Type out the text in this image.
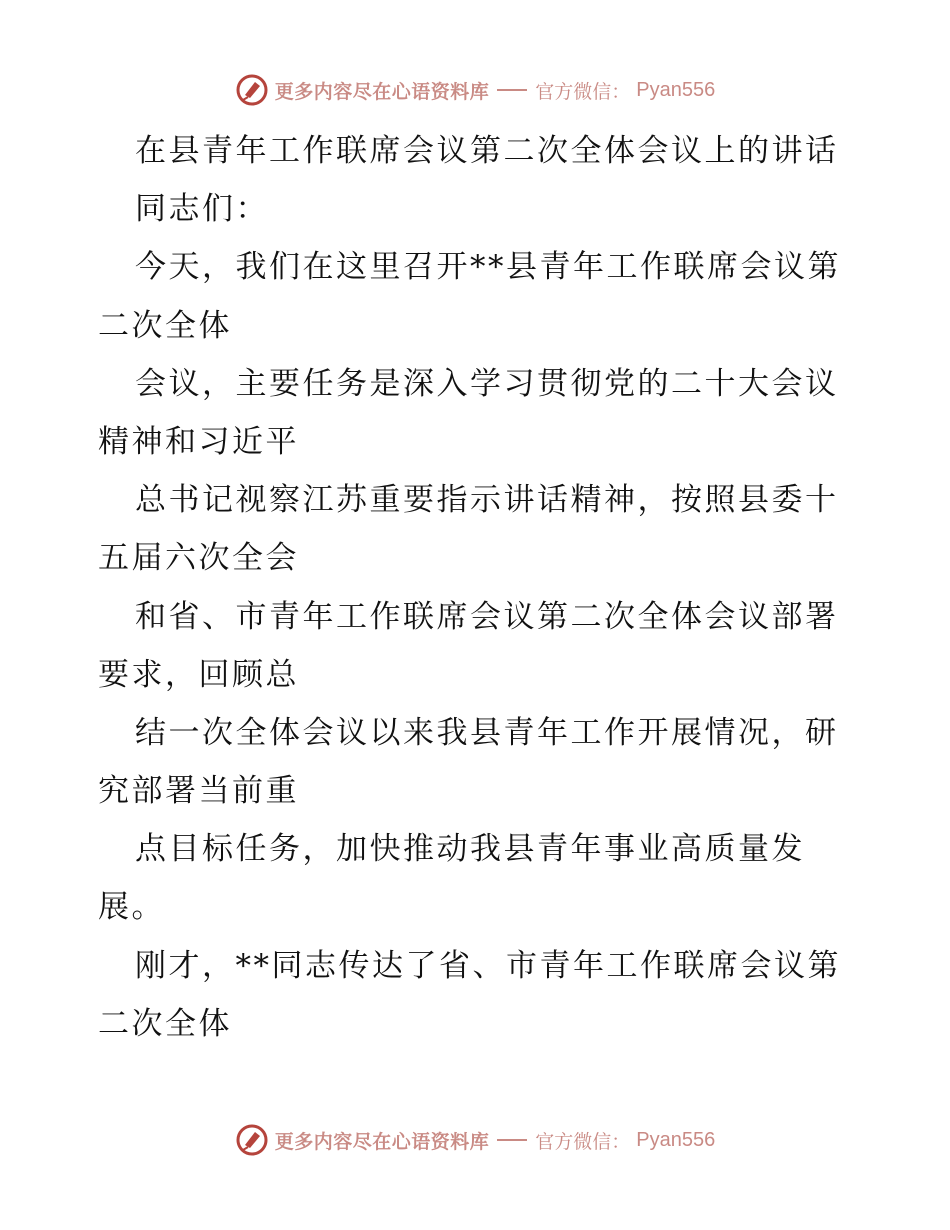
更多内容尽在心语资料库 官方微信： Pyan556
在县青年工作联席会议第二次全体会议上的讲话
同志们：
今天，我们在这里召开**县青年工作联席会议第
二次全体
会议，主要任务是深入学习贯彻党的二十大会议
精神和习近平
总书记视察江苏重要指示讲话精神，按照县委十
五届六次全会
和省、市青年工作联席会议第二次全体会议部署
要求，回顾总
结一次全体会议以来我县青年工作开展情况，研
究部署当前重
点目标任务，加快推动我县青年事业高质量发
展。
刚才，**同志传达了省、市青年工作联席会议第
二次全体
更多内容尽在心语资料库 官方微信： Pyan556
